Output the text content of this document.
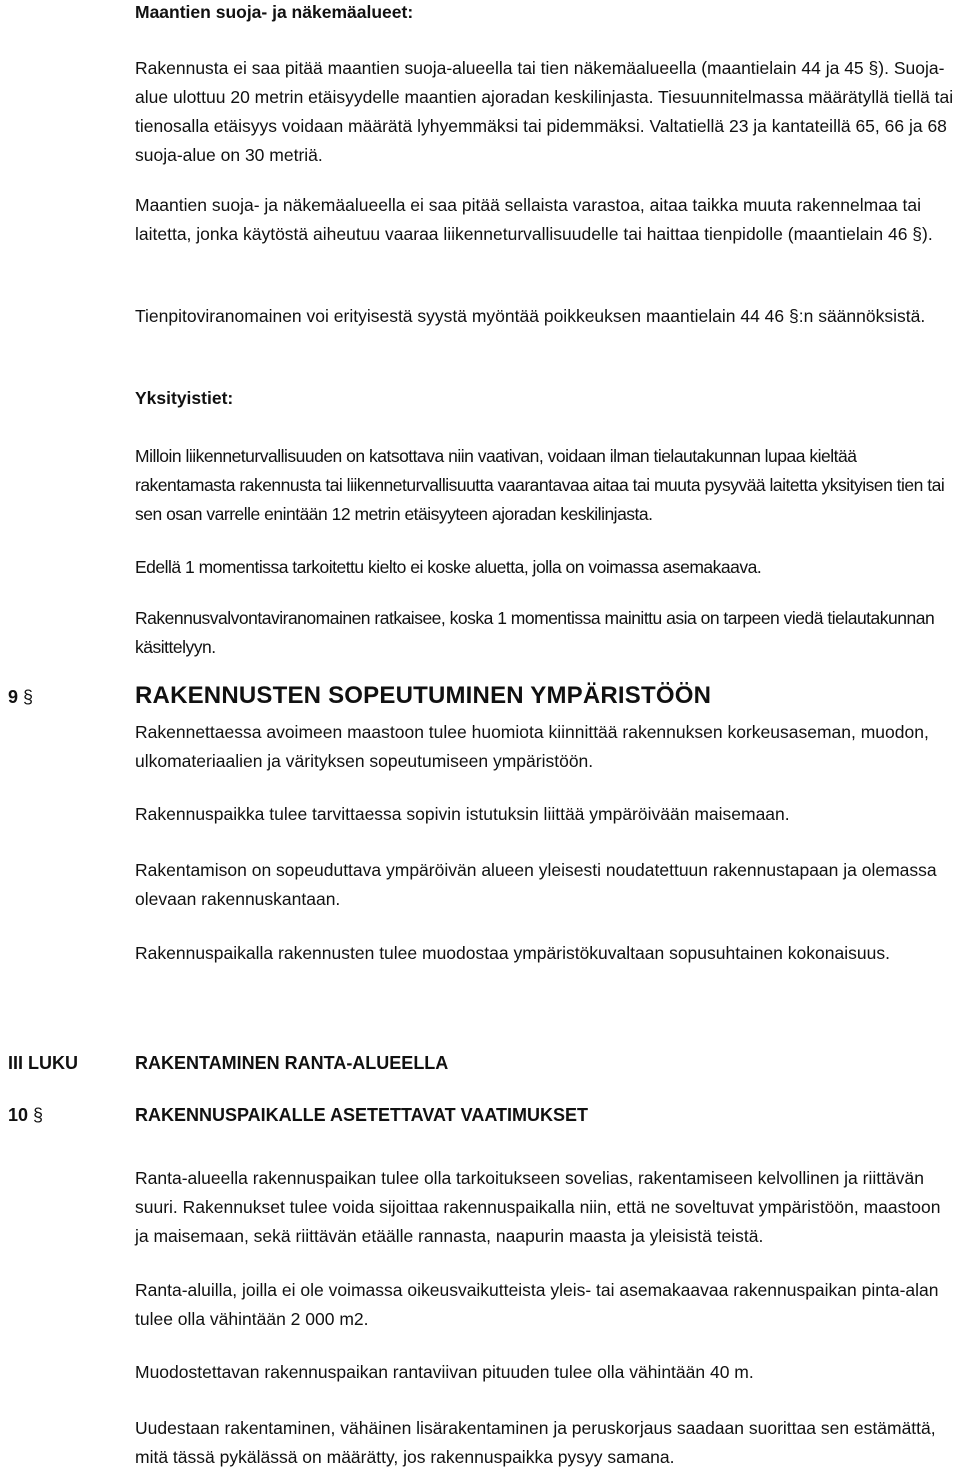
Maantien suoja- ja näkemäalueet:

Rakennusta ei saa pitää maantien suoja-alueella tai tien näkemäalueella (maantielain 44 ja 45 §). Suoja-alue ulottuu 20 metrin etäisyydelle maantien ajoradan keskilinjasta. Tiesuunnitelmassa määrätyllä tiellä tai tienosalla etäisyys voidaan määrätä lyhyemmäksi tai pidemmäksi. Valtatiellä 23 ja kantateillä 65, 66 ja 68 suoja-alue on 30 metriä.

Maantien suoja- ja näkemäalueella ei saa pitää sellaista varastoa, aitaa taikka muuta rakennelmaa tai laitetta, jonka käytöstä aiheutuu vaaraa liikenneturvallisuudelle tai haittaa tienpidolle (maantielain 46 §).

Tienpitoviranomainen voi erityisestä syystä myöntää poikkeuksen maantielain 44 46 §:n säännöksistä.

Yksityistiet:

Milloin liikenneturvallisuuden on katsottava niin vaativan, voidaan ilman tielautakunnan lupaa kieltää rakentamasta rakennusta tai liikenneturvallisuutta vaarantavaa aitaa tai muuta pysyvää laitetta yksityisen tien tai sen osan varrelle enintään 12 metrin etäisyyteen ajoradan keskilinjasta.

Edellä 1 momentissa tarkoitettu kielto ei koske aluetta, jolla on voimassa asemakaava.

Rakennusvalvontaviranomainen ratkaisee, koska 1 momentissa mainittu asia on tarpeen viedä tielautakunnan käsittelyyn.

9 §	RAKENNUSTEN SOPEUTUMINEN YMPÄRISTÖÖN

Rakennettaessa avoimeen maastoon tulee huomiota kiinnittää rakennuksen korkeusaseman, muodon, ulkomateriaalien ja värityksen sopeutumiseen ympäristöön.

Rakennuspaikka tulee tarvittaessa sopivin istutuksin liittää ympäröivään maisemaan.

Rakentamison on sopeuduttava ympäröivän alueen yleisesti noudatettuun rakennustapaan ja olemassa olevaan rakennuskantaan.

Rakennuspaikalla rakennusten tulee muodostaa ympäristökuvaltaan sopusuhtainen kokonaisuus.

III LUKU	RAKENTAMINEN RANTA-ALUEELLA
10 §	RAKENNUSPAIKALLE ASETETTAVAT VAATIMUKSET

Ranta-alueella rakennuspaikan tulee olla tarkoitukseen sovelias, rakentamiseen kelvollinen ja riittävän suuri. Rakennukset tulee voida sijoittaa rakennuspaikalla niin, että ne soveltuvat ympäristöön, maastoon ja maisemaan, sekä riittävän etäälle rannasta, naapurin maasta ja yleisistä teistä.

Ranta-aluilla, joilla ei ole voimassa oikeusvaikutteista yleis- tai asemakaavaa rakennuspaikan pinta-alan tulee olla vähintään 2 000 m2.

Muodostettavan rakennuspaikan rantaviivan pituuden tulee olla vähintään 40 m.

Uudestaan rakentaminen, vähäinen lisärakentaminen ja peruskorjaus saadaan suorittaa sen estämättä, mitä tässä pykälässä on määrätty, jos rakennuspaikka pysyy samana.
